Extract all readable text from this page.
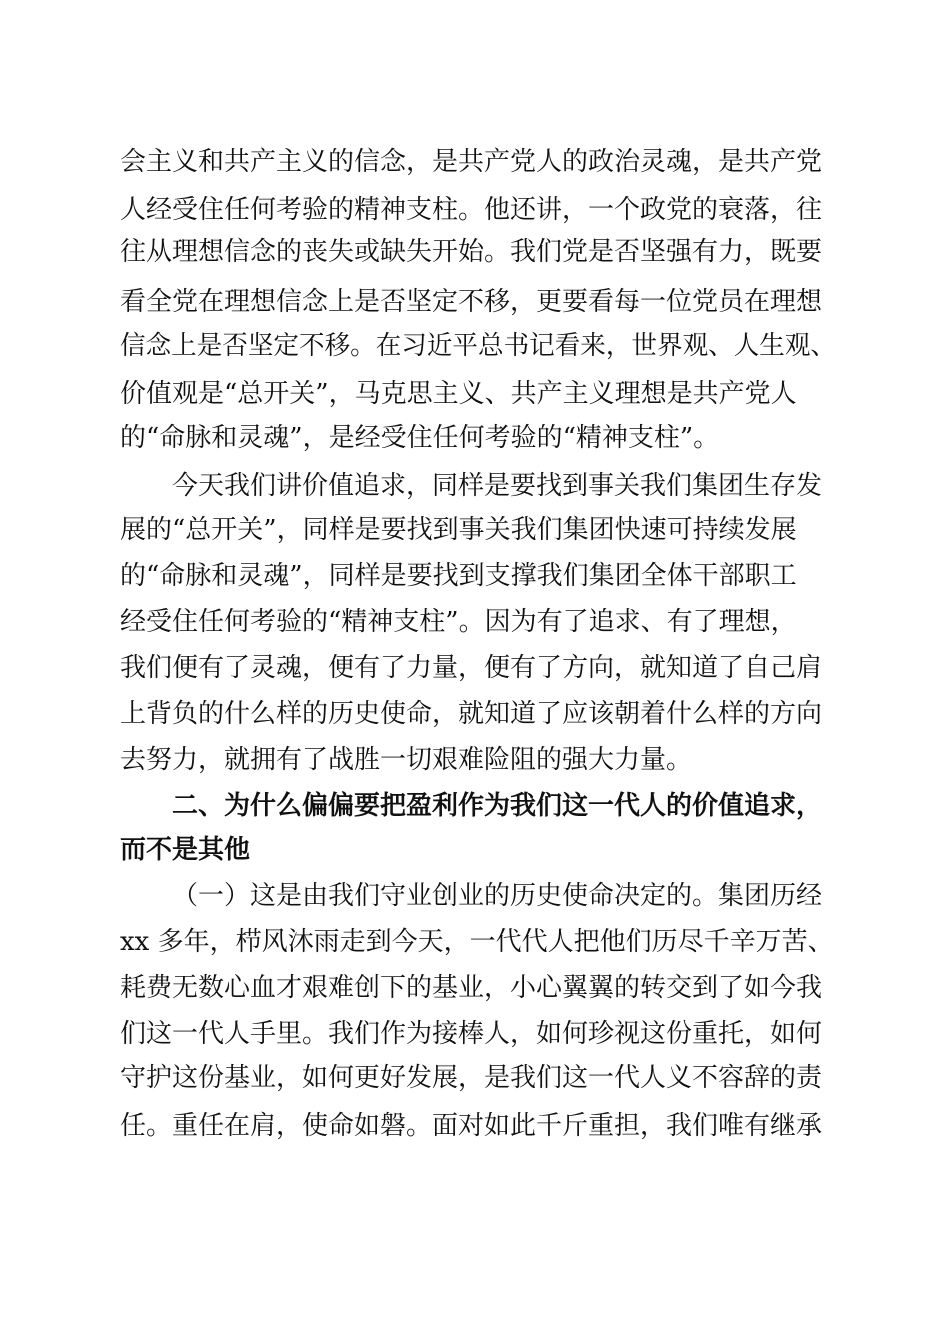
会主义和共产主义的信念，是共产党人的政治灵魂，是共产党
人经受住任何考验的精神支柱。他还讲，一个政党的衰落，往
往从理想信念的丧失或缺失开始。我们党是否坚强有力，既要
看全党在理想信念上是否坚定不移，更要看每一位党员在理想
信念上是否坚定不移。在习近平总书记看来，世界观、人生观、
价值观是“总开关”，马克思主义、共产主义理想是共产党人
的“命脉和灵魂”，是经受住任何考验的“精神支柱”。
今天我们讲价值追求，同样是要找到事关我们集团生存发
展的“总开关”，同样是要找到事关我们集团快速可持续发展
的“命脉和灵魂”，同样是要找到支撑我们集团全体干部职工
经受住任何考验的“精神支柱”。因为有了追求、有了理想，
我们便有了灵魂，便有了力量，便有了方向，就知道了自己肩
上背负的什么样的历史使命，就知道了应该朝着什么样的方向
去努力，就拥有了战胜一切艰难险阻的强大力量。
二、为什么偏偏要把盈利作为我们这一代人的价值追求，
而不是其他
（一）这是由我们守业创业的历史使命决定的。集团历经
xx 多年，栉风沐雨走到今天，一代代人把他们历尽千辛万苦、
耗费无数心血才艰难创下的基业，小心翼翼的转交到了如今我
们这一代人手里。我们作为接棒人，如何珍视这份重托，如何
守护这份基业，如何更好发展，是我们这一代人义不容辞的责
任。重任在肩，使命如磐。面对如此千斤重担，我们唯有继承
